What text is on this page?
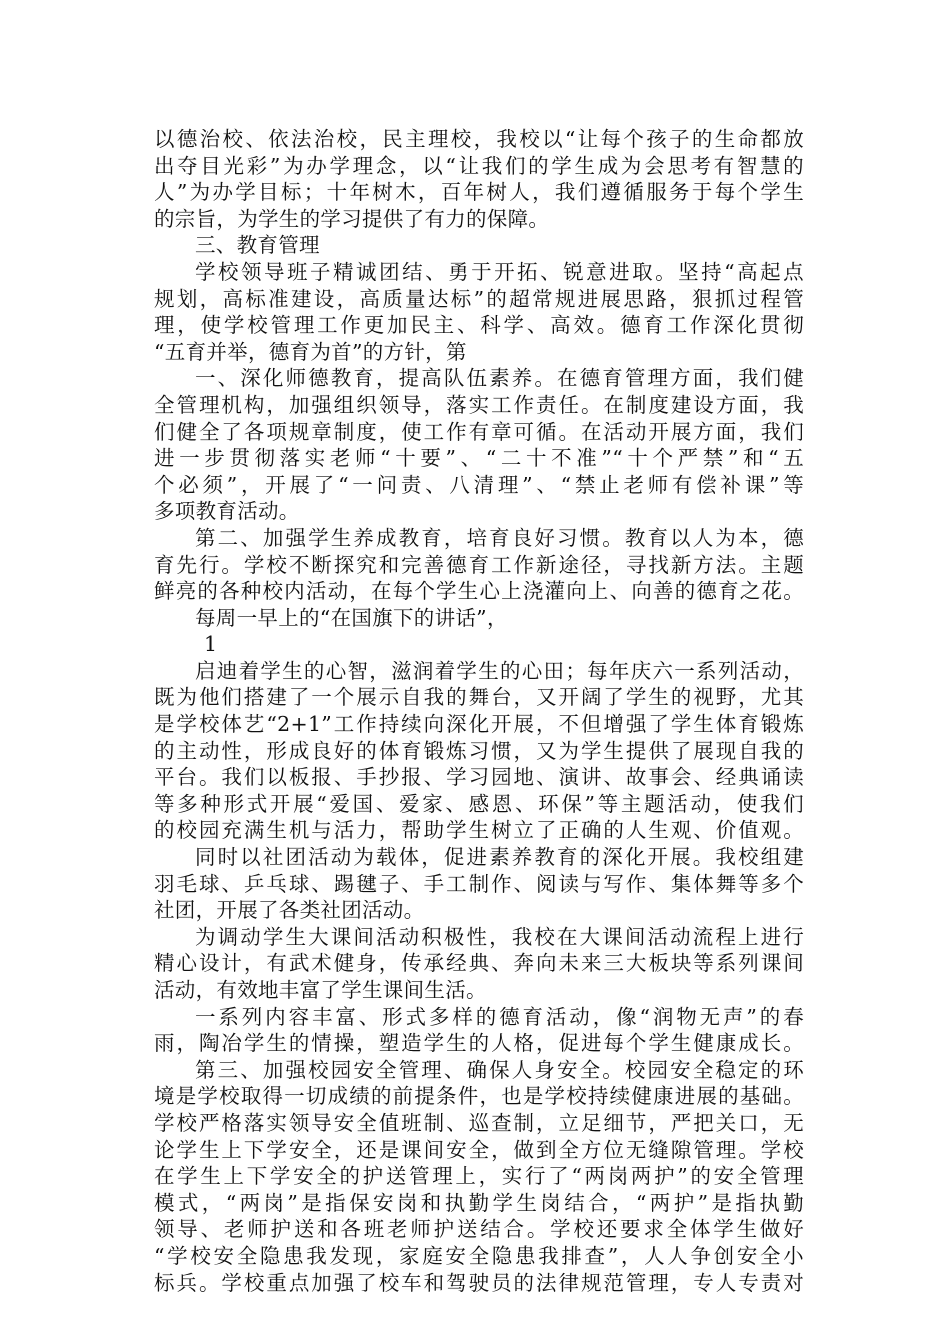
以德治校、依法治校，民主理校，我校以“让每个孩子的生命都放
出夺目光彩”为办学理念，以“让我们的学生成为会思考有智慧的
人”为办学目标；十年树木，百年树人，我们遵循服务于每个学生
的宗旨，为学生的学习提供了有力的保障。
三、教育管理
学校领导班子精诚团结、勇于开拓、锐意进取。坚持“高起点
规划，高标准建设，高质量达标”的超常规进展思路，狠抓过程管
理，使学校管理工作更加民主、科学、高效。德育工作深化贯彻
“五育并举，德育为首”的方针，第
一、深化师德教育，提高队伍素养。在德育管理方面，我们健
全管理机构，加强组织领导，落实工作责任。在制度建设方面，我
们健全了各项规章制度，使工作有章可循。在活动开展方面，我们
进一步贯彻落实老师“十要”、“二十不准”“十个严禁”和“五
个必须”，开展了“一问责、八清理”、“禁止老师有偿补课”等
多项教育活动。
第二、加强学生养成教育，培育良好习惯。教育以人为本，德
育先行。学校不断探究和完善德育工作新途径，寻找新方法。主题
鲜亮的各种校内活动，在每个学生心上浇灌向上、向善的德育之花。
每周一早上的“在国旗下的讲话”，
1
启迪着学生的心智，滋润着学生的心田；每年庆六一系列活动，
既为他们搭建了一个展示自我的舞台，又开阔了学生的视野，尤其
是学校体艺“2+1”工作持续向深化开展，不但增强了学生体育锻炼
的主动性，形成良好的体育锻炼习惯，又为学生提供了展现自我的
平台。我们以板报、手抄报、学习园地、演讲、故事会、经典诵读
等多种形式开展“爱国、爱家、感恩、环保”等主题活动，使我们
的校园充满生机与活力，帮助学生树立了正确的人生观、价值观。
同时以社团活动为载体，促进素养教育的深化开展。我校组建
羽毛球、乒乓球、踢毽子、手工制作、阅读与写作、集体舞等多个
社团，开展了各类社团活动。
为调动学生大课间活动积极性，我校在大课间活动流程上进行
精心设计，有武术健身，传承经典、奔向未来三大板块等系列课间
活动，有效地丰富了学生课间生活。
一系列内容丰富、形式多样的德育活动，像“润物无声”的春
雨，陶冶学生的情操，塑造学生的人格，促进每个学生健康成长。
第三、加强校园安全管理、确保人身安全。校园安全稳定的环
境是学校取得一切成绩的前提条件，也是学校持续健康进展的基础。
学校严格落实领导安全值班制、巡查制，立足细节，严把关口，无
论学生上下学安全，还是课间安全，做到全方位无缝隙管理。学校
在学生上下学安全的护送管理上，实行了“两岗两护”的安全管理
模式，“两岗”是指保安岗和执勤学生岗结合，“两护”是指执勤
领导、老师护送和各班老师护送结合。学校还要求全体学生做好
“学校安全隐患我发现，家庭安全隐患我排查”，人人争创安全小
标兵。学校重点加强了校车和驾驶员的法律规范管理，专人专责对
